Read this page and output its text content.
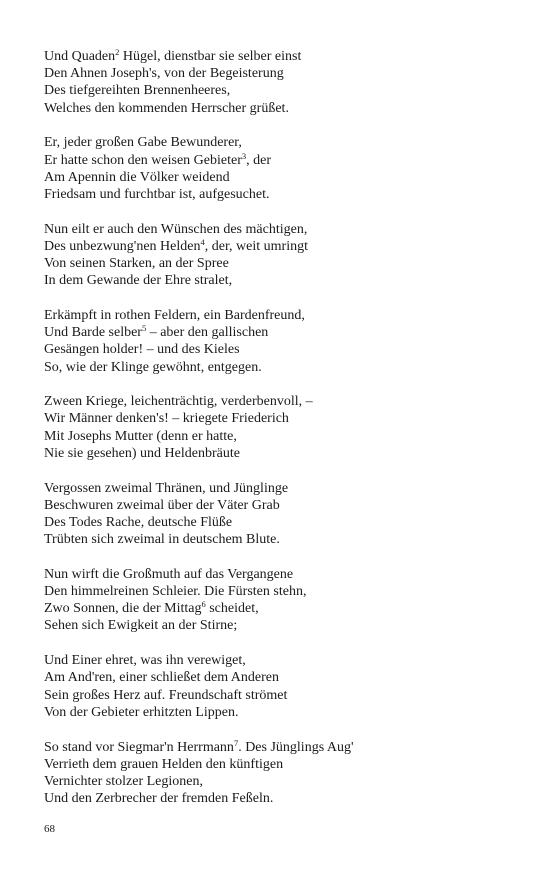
Und Quaden$^2$ Hügel, dienstbar sie selber einst
Den Ahnen Joseph's, von der Begeisterung
Des tiefgereihten Brennenheeres,
Welches den kommenden Herrscher grüßet.
Er, jeder großen Gabe Bewunderer,
Er hatte schon den weisen Gebieter$^3$, der
Am Apennin die Völker weidend
Friedsam und furchtbar ist, aufgesuchet.
Nun eilt er auch den Wünschen des mächtigen,
Des unbezwung'nen Helden$^4$, der, weit umringt
Von seinen Starken, an der Spree
In dem Gewande der Ehre stralet,
Erkämpft in rothen Feldern, ein Bardenfreund,
Und Barde selber$^5$ – aber den gallischen
Gesängen holder! – und des Kieles
So, wie der Klinge gewöhnt, entgegen.
Zween Kriege, leichenträchtig, verderbenvoll, –
Wir Männer denken's! – kriegete Friederich
Mit Josephs Mutter (denn er hatte,
Nie sie gesehen) und Heldenbräute
Vergossen zweimal Thränen, und Jünglinge
Beschwuren zweimal über der Väter Grab
Des Todes Rache, deutsche Flüße
Trübten sich zweimal in deutschem Blute.
Nun wirft die Großmuth auf das Vergangene
Den himmelreinen Schleier. Die Fürsten stehn,
Zwo Sonnen, die der Mittag$^6$ scheidet,
Sehen sich Ewigkeit an der Stirne;
Und Einer ehret, was ihn verewiget,
Am And'ren, einer schließet dem Anderen
Sein großes Herz auf. Freundschaft strömet
Von der Gebieter erhitzten Lippen.
So stand vor Siegmar'n Herrmann$^7$. Des Jünglings Aug'
Verrieth dem grauen Helden den künftigen
Vernichter stolzer Legionen,
Und den Zerbrecher der fremden Feßeln.
68
